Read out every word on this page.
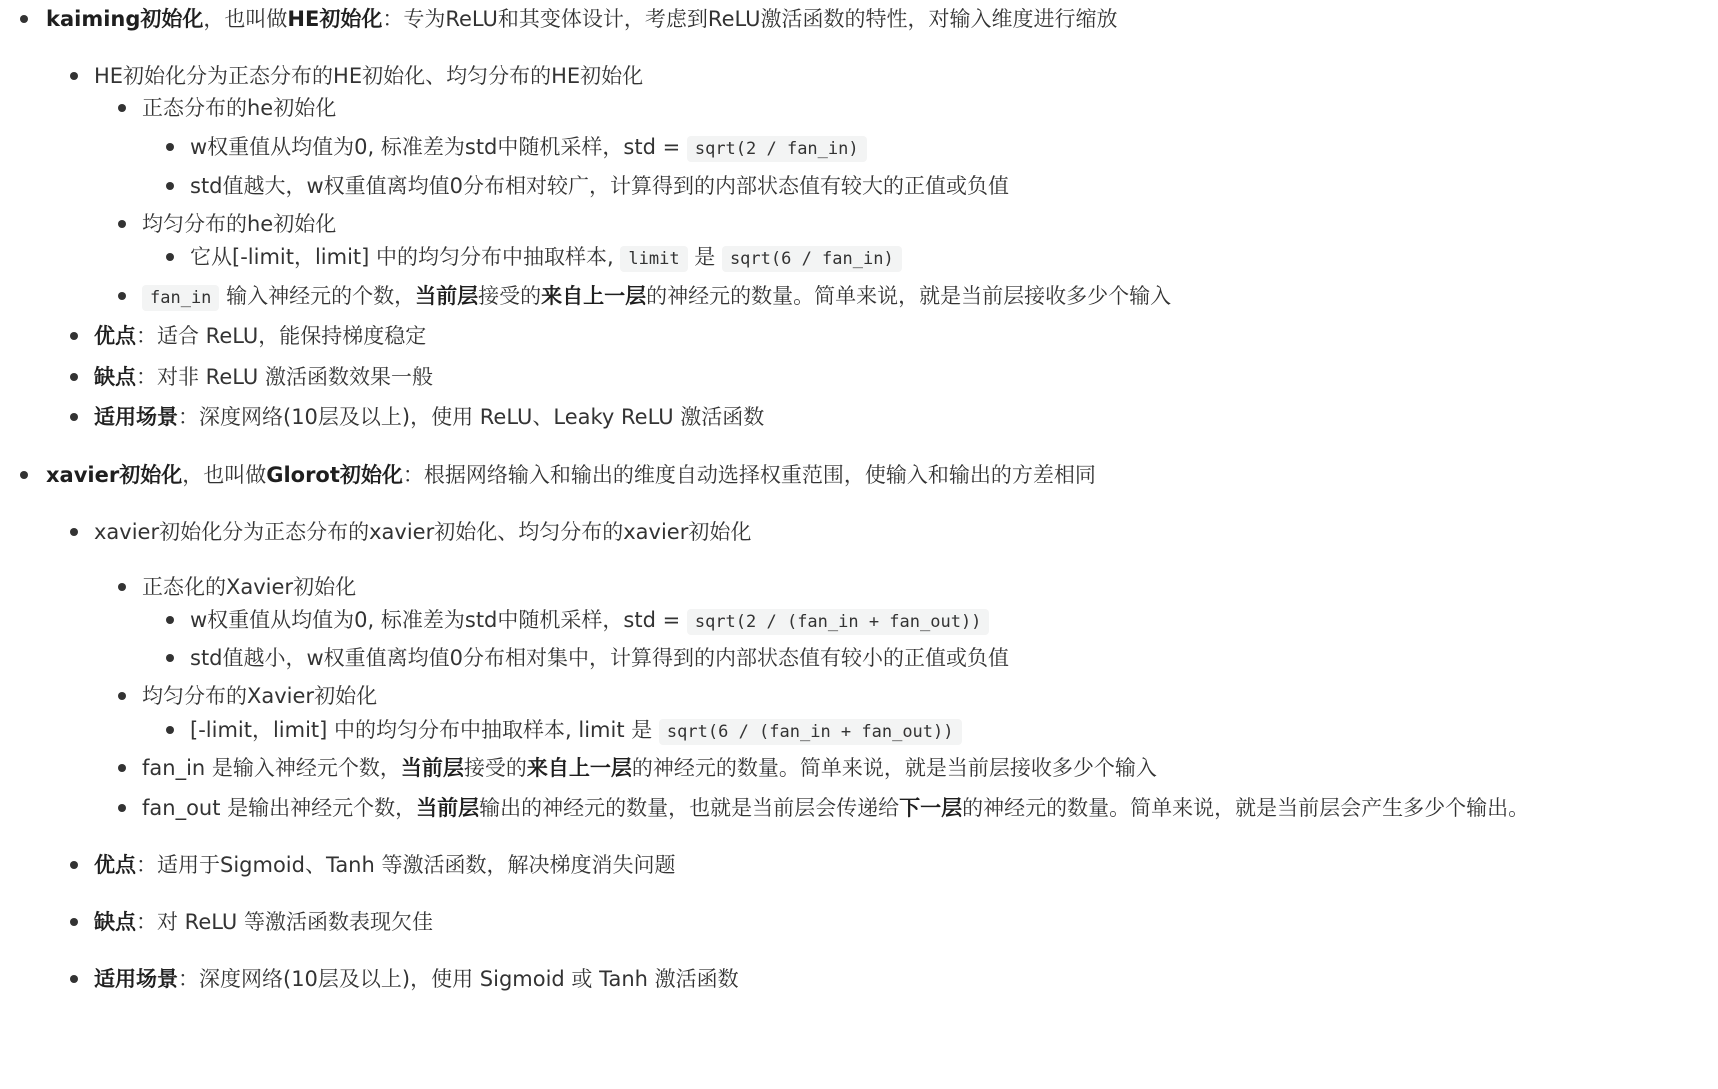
kaiming初始化，也叫做HE初始化：专为ReLU和其变体设计，考虑到ReLU激活函数的特性，对输入维度进行缩放
HE初始化分为正态分布的HE初始化、均匀分布的HE初始化
正态分布的he初始化
w权重值从均值为0, 标准差为std中随机采样，std = sqrt(2 / fan_in)
std值越大，w权重值离均值0分布相对较广，计算得到的内部状态值有较大的正值或负值
均匀分布的he初始化
它从[-limit，limit] 中的均匀分布中抽取样本, limit 是 sqrt(6 / fan_in)
fan_in 输入神经元的个数，当前层接受的来自上一层的神经元的数量。简单来说，就是当前层接收多少个输入
优点：适合 ReLU，能保持梯度稳定
缺点：对非 ReLU 激活函数效果一般
适用场景：深度网络(10层及以上)，使用 ReLU、Leaky ReLU 激活函数
xavier初始化，也叫做Glorot初始化：根据网络输入和输出的维度自动选择权重范围，使输入和输出的方差相同
xavier初始化分为正态分布的xavier初始化、均匀分布的xavier初始化
正态化的Xavier初始化
w权重值从均值为0, 标准差为std中随机采样，std = sqrt(2 / (fan_in + fan_out))
std值越小，w权重值离均值0分布相对集中，计算得到的内部状态值有较小的正值或负值
均匀分布的Xavier初始化
[-limit，limit] 中的均匀分布中抽取样本, limit 是 sqrt(6 / (fan_in + fan_out))
fan_in 是输入神经元个数，当前层接受的来自上一层的神经元的数量。简单来说，就是当前层接收多少个输入
fan_out 是输出神经元个数，当前层输出的神经元的数量，也就是当前层会传递给下一层的神经元的数量。简单来说，就是当前层会产生多少个输出。
优点：适用于Sigmoid、Tanh 等激活函数，解决梯度消失问题
缺点：对 ReLU 等激活函数表现欠佳
适用场景：深度网络(10层及以上)，使用 Sigmoid 或 Tanh 激活函数
